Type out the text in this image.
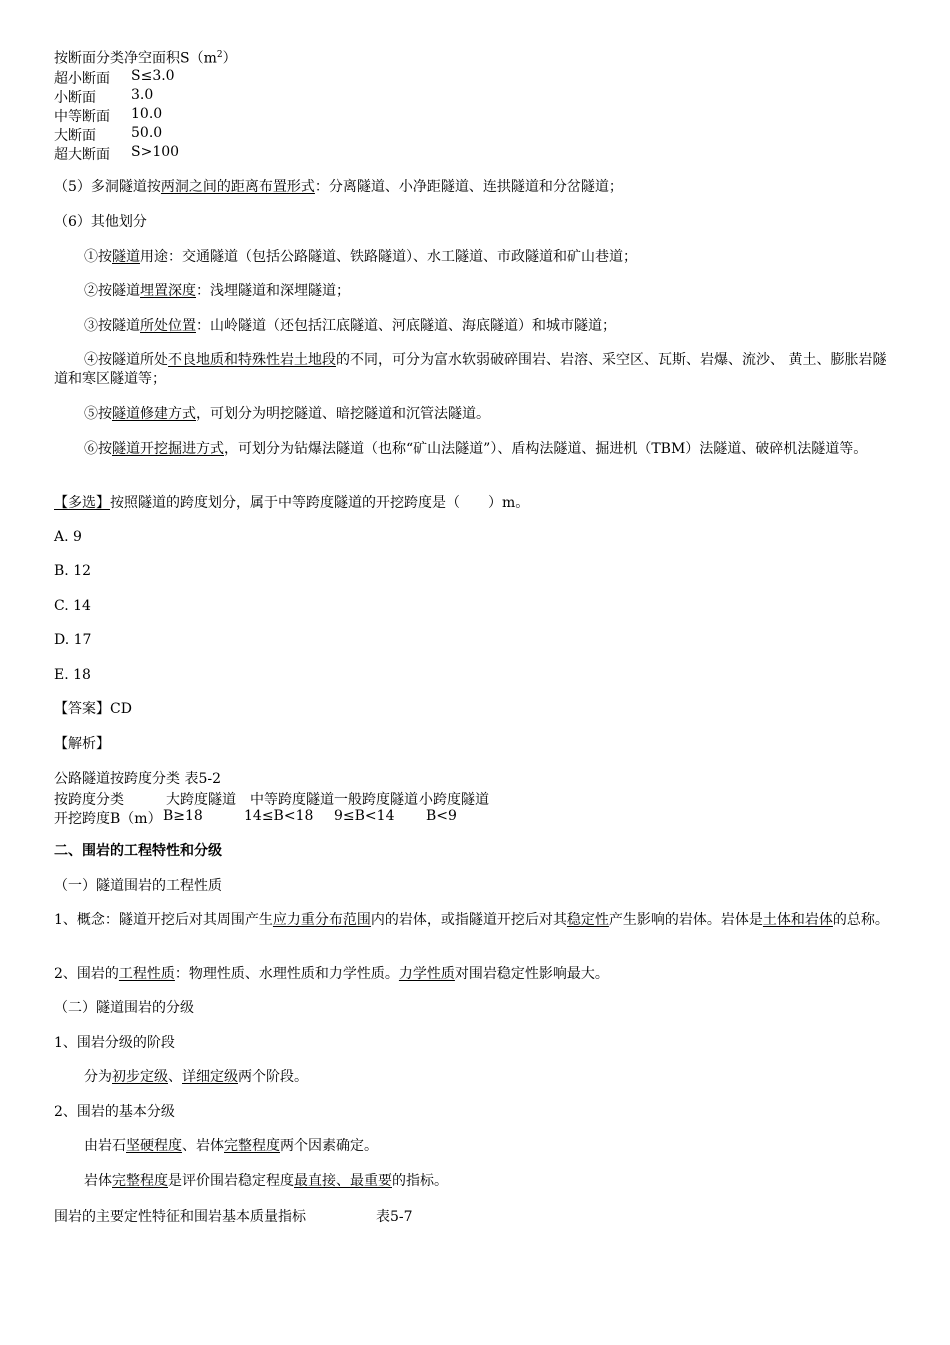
按断面分类净空面积$S(m^2)$
超小断面 S≤3.0
小断面	3.0
中等断面 10.0
大断面	50.0
超大断面 S>100
（5）多洞隧道按两洞之间的距离布置形式：分离隧道、小净距隧道、连拱隧道和分岔隧道；
（6）其他划分
①按隧道用途：交通隧道（包括公路隧道、铁路隧道）、水工隧道、市政隧道和矿山巷道；
②按隧道埋置深度：浅埋隧道和深埋隧道；
③按隧道所处位置：山岭隧道（还包括江底隧道、河底隧道、海底隧道）和城市隧道；
④按隧道所处不良地质和特殊性岩土地段的不同，可分为富水软弱破碎围岩、岩溶、采空区、瓦斯、岩爆、流沙、 黄土、膨胀岩隧道和寒区隧道等；
⑤按隧道修建方式，可划分为明挖隧道、暗挖隧道和沉管法隧道。
⑥按隧道开挖掘进方式，可划分为钻爆法隧道（也称“矿山法隧道”）、盾构法隧道、掘进机（TBM）法隧道、破碎机法隧道等。
【多选】按照隧道的跨度划分，属于中等跨度隧道的开挖跨度是（　　）m。
A. 9
B. 12
C. 14
D. 17
E. 18
【答案】CD
【解析】
公路隧道按跨度分类 表5-2
按跨度分类	大跨度隧道 中等跨度隧道 一般跨度隧道 小跨度隧道
开挖跨度B（m） B≥18	14≤B<18 9≤B<14 B<9
二、围岩的工程特性和分级
（一）隧道围岩的工程性质
1、概念：隧道开挖后对其周围产生应力重分布范围内的岩体，或指隧道开挖后对其稳定性产生影响的岩体。岩体是土体和岩体的总称。
2、围岩的工程性质：物理性质、水理性质和力学性质。力学性质对围岩稳定性影响最大。
（二）隧道围岩的分级
1、围岩分级的阶段
分为初步定级、详细定级两个阶段。
2、围岩的基本分级
由岩石坚硬程度、岩体完整程度两个因素确定。
岩体完整程度是评价围岩稳定程度最直接、最重要的指标。
围岩的主要定性特征和围岩基本质量指标	表5-7
